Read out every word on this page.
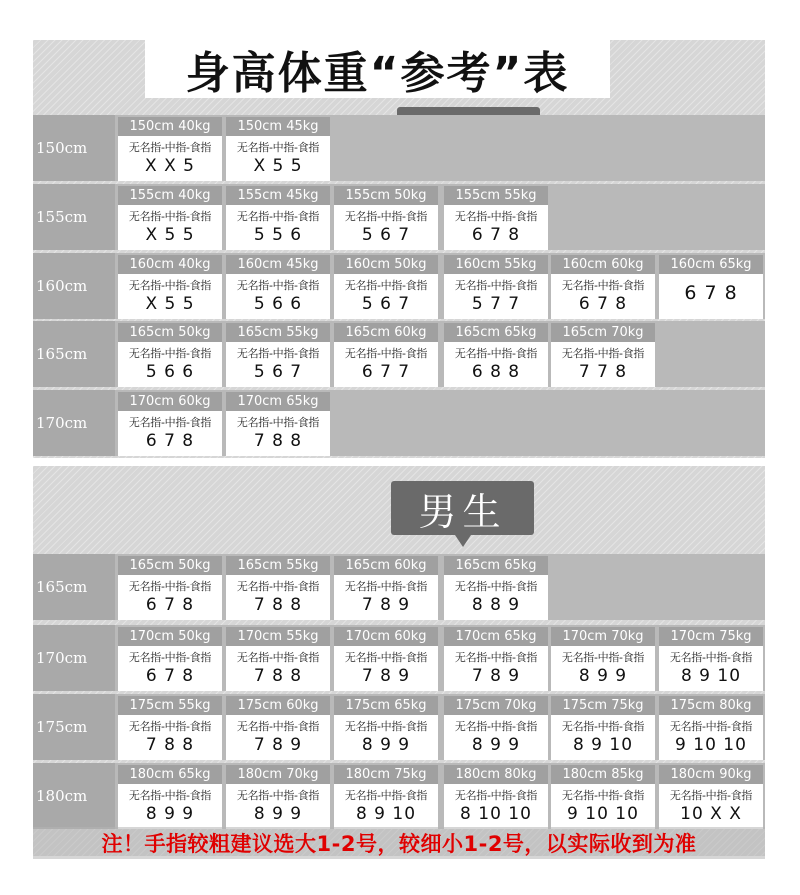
身高体重“参考”表
男生
150cm
150cm 40kg
无名指-中指-食指
X X 5
150cm 45kg
无名指-中指-食指
X 5 5
155cm
155cm 40kg
无名指-中指-食指
X 5 5
155cm 45kg
无名指-中指-食指
5 5 6
155cm 50kg
无名指-中指-食指
5 6 7
155cm 55kg
无名指-中指-食指
6 7 8
160cm
160cm 40kg
无名指-中指-食指
X 5 5
160cm 45kg
无名指-中指-食指
5 6 6
160cm 50kg
无名指-中指-食指
5 6 7
160cm 55kg
无名指-中指-食指
5 7 7
160cm 60kg
无名指-中指-食指
6 7 8
160cm 65kg
6 7 8
165cm
165cm 50kg
无名指-中指-食指
5 6 6
165cm 55kg
无名指-中指-食指
5 6 7
165cm 60kg
无名指-中指-食指
6 7 7
165cm 65kg
无名指-中指-食指
6 8 8
165cm 70kg
无名指-中指-食指
7 7 8
170cm
170cm 60kg
无名指-中指-食指
6 7 8
170cm 65kg
无名指-中指-食指
7 8 8
165cm
165cm 50kg
无名指-中指-食指
6 7 8
165cm 55kg
无名指-中指-食指
7 8 8
165cm 60kg
无名指-中指-食指
7 8 9
165cm 65kg
无名指-中指-食指
8 8 9
170cm
170cm 50kg
无名指-中指-食指
6 7 8
170cm 55kg
无名指-中指-食指
7 8 8
170cm 60kg
无名指-中指-食指
7 8 9
170cm 65kg
无名指-中指-食指
7 8 9
170cm 70kg
无名指-中指-食指
8 9 9
170cm 75kg
无名指-中指-食指
8 9 10
175cm
175cm 55kg
无名指-中指-食指
7 8 8
175cm 60kg
无名指-中指-食指
7 8 9
175cm 65kg
无名指-中指-食指
8 9 9
175cm 70kg
无名指-中指-食指
8 9 9
175cm 75kg
无名指-中指-食指
8 9 10
175cm 80kg
无名指-中指-食指
9 10 10
180cm
180cm 65kg
无名指-中指-食指
8 9 9
180cm 70kg
无名指-中指-食指
8 9 9
180cm 75kg
无名指-中指-食指
8 9 10
180cm 80kg
无名指-中指-食指
8 10 10
180cm 85kg
无名指-中指-食指
9 10 10
180cm 90kg
无名指-中指-食指
10 X X
注！手指较粗建议选大1-2号，较细小1-2号，以实际收到为准
